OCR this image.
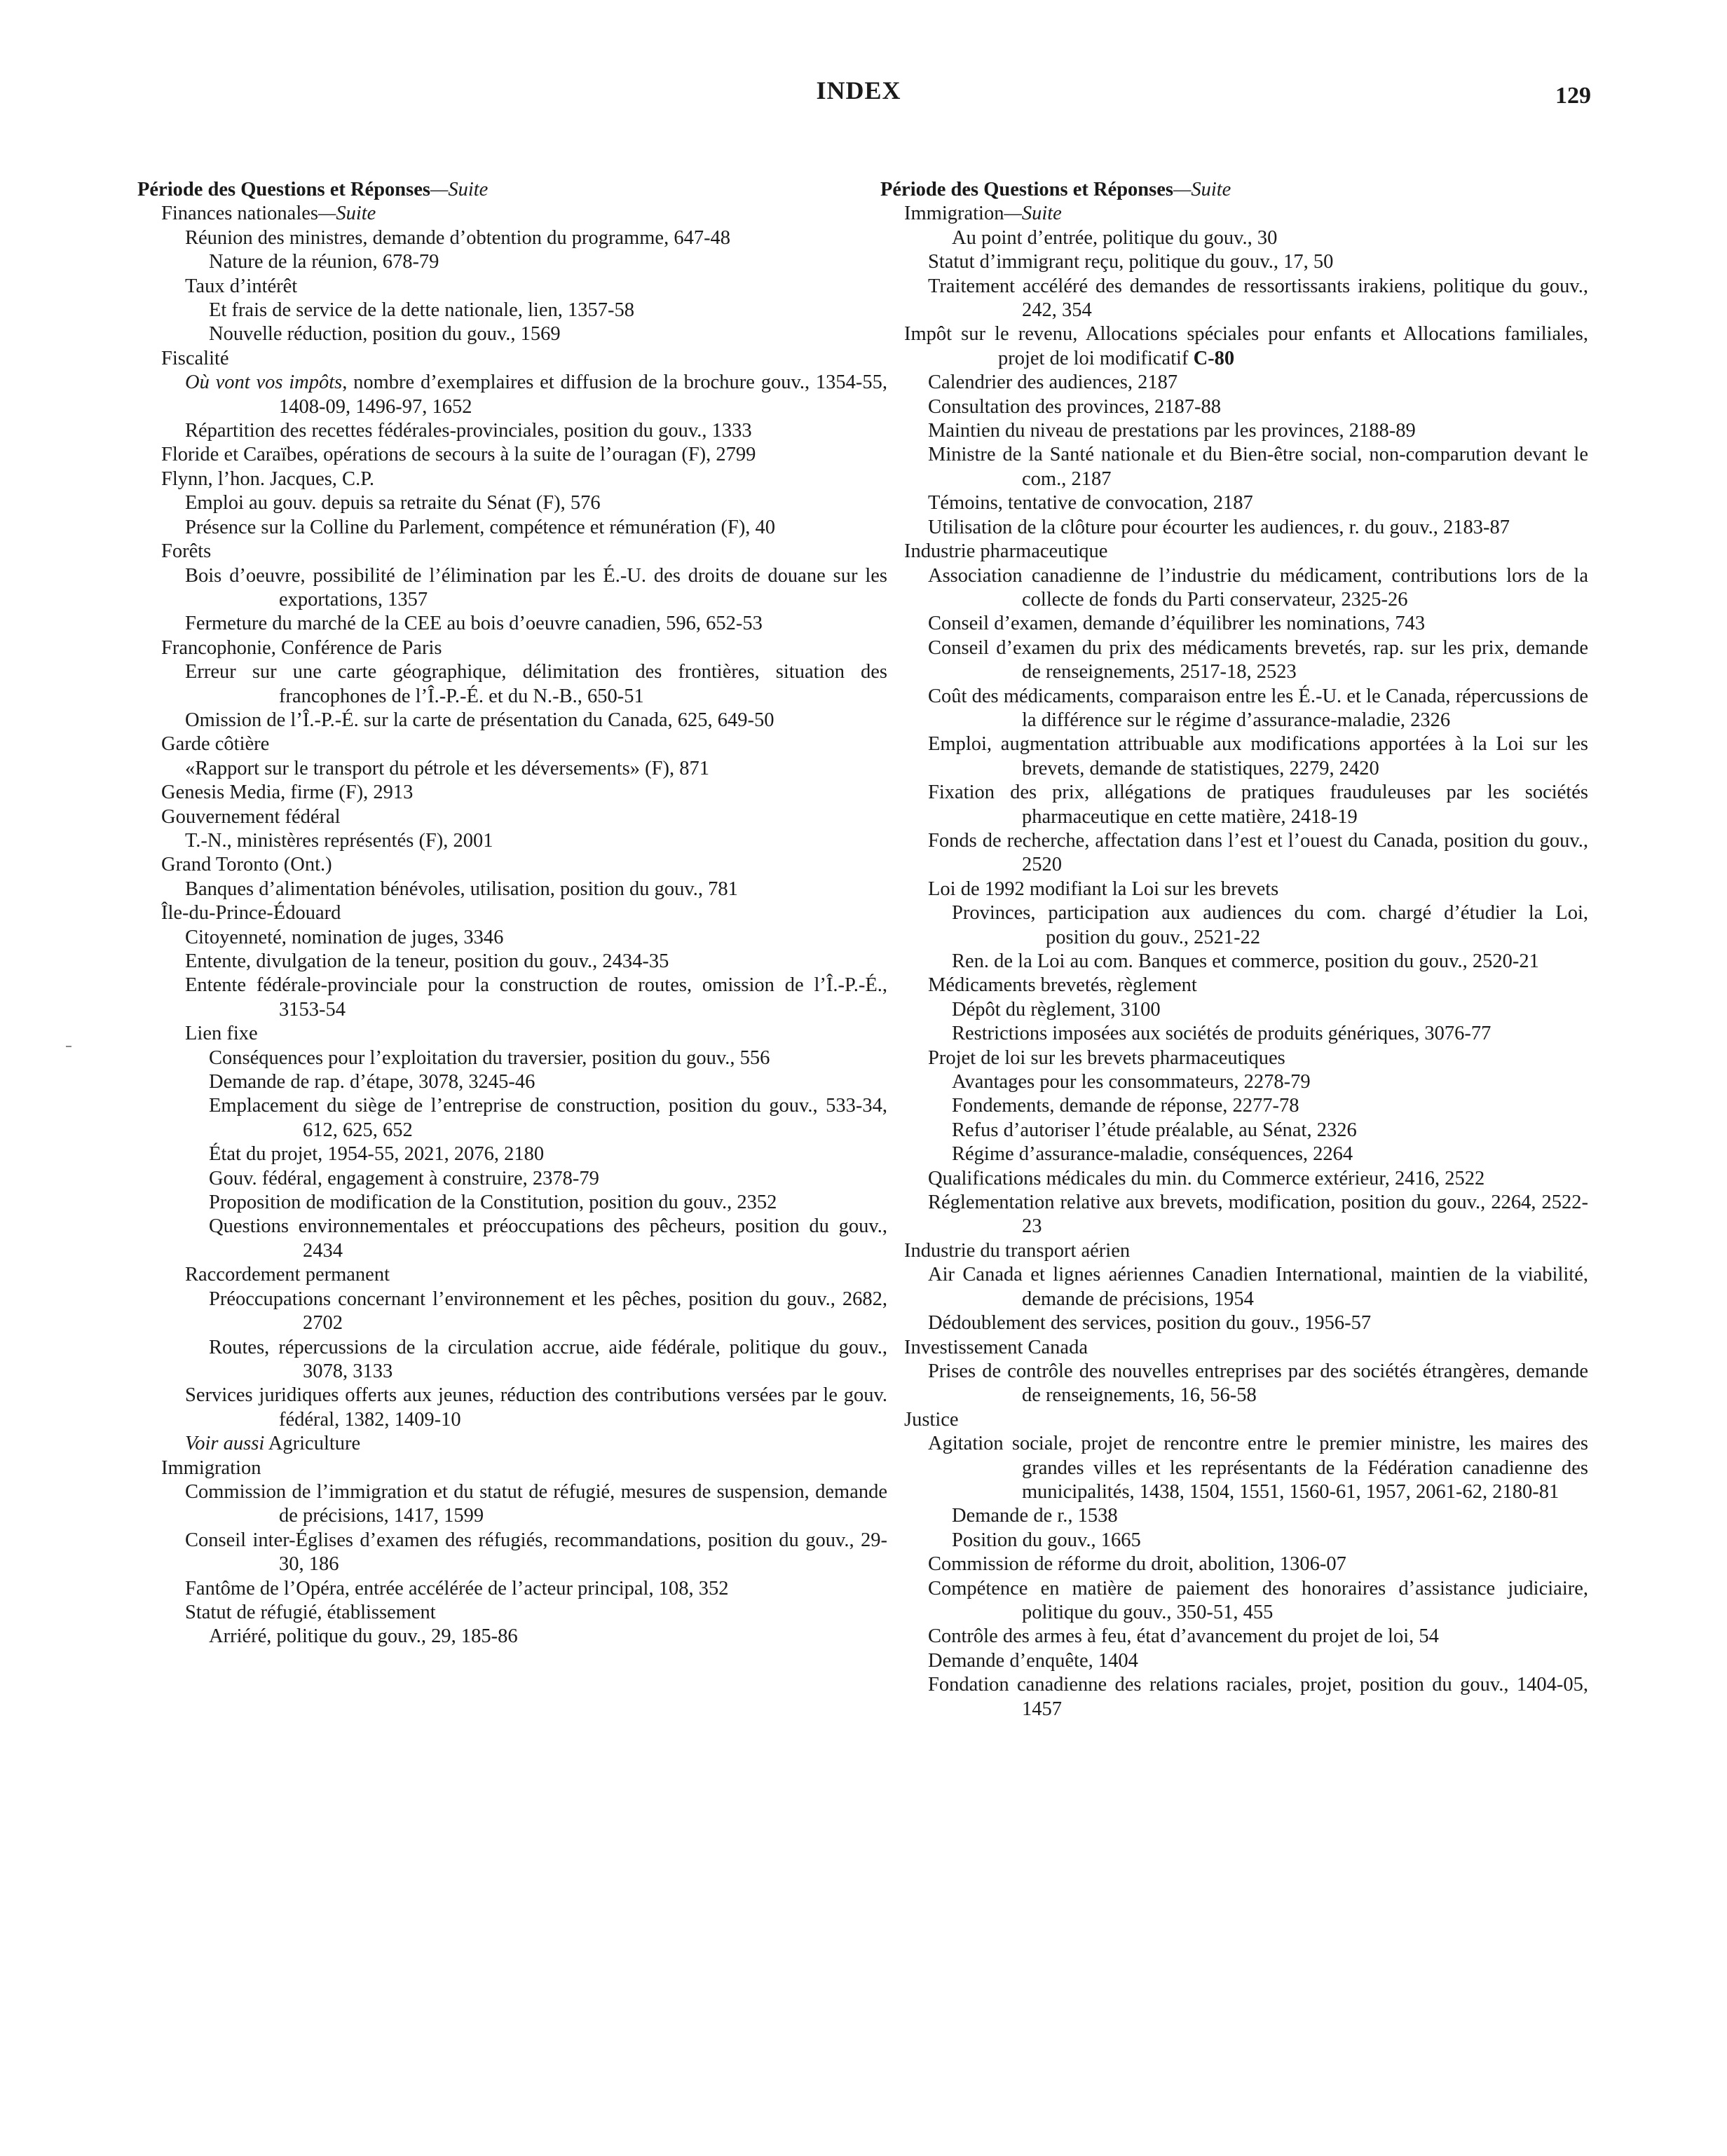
INDEX	129

Période des Questions et Réponses—Suite

Finances nationales—Suite

Réunion des ministres, demande d’obtention du programme, 647-48

Nature de la réunion, 678-79

Taux d’intérêt

Et frais de service de la dette nationale, lien, 1357-58

Nouvelle réduction, position du gouv., 1569

Fiscalité

Où vont vos impôts, nombre d’exemplaires et diffusion de la brochure gouv., 1354-55, 1408-09, 1496-97, 1652

Répartition des recettes fédérales-provinciales, position du gouv., 1333

Floride et Caraïbes, opérations de secours à la suite de l’ouragan (F), 2799

Flynn, l’hon. Jacques, C.P.

Emploi au gouv. depuis sa retraite du Sénat (F), 576

Présence sur la Colline du Parlement, compétence et rémunération (F), 40

Forêts

Bois d’oeuvre, possibilité de l’élimination par les É.-U. des droits de douane sur les exportations, 1357

Fermeture du marché de la CEE au bois d’oeuvre canadien, 596, 652-53

Francophonie, Conférence de Paris

Erreur sur une carte géographique, délimitation des frontières, situation des francophones de l’Î.-P.-É. et du N.-B., 650-51

Omission de l’Î.-P.-É. sur la carte de présentation du Canada, 625, 649-50

Garde côtière

«Rapport sur le transport du pétrole et les déversements» (F), 871

Genesis Media, firme (F), 2913

Gouvernement fédéral

T.-N., ministères représentés (F), 2001

Grand Toronto (Ont.)

Banques d’alimentation bénévoles, utilisation, position du gouv., 781

Île-du-Prince-Édouard

Citoyenneté, nomination de juges, 3346

Entente, divulgation de la teneur, position du gouv., 2434-35

Entente fédérale-provinciale pour la construction de routes, omission de l’Î.-P.-É., 3153-54

Lien fixe

Conséquences pour l’exploitation du traversier, position du gouv., 556

Demande de rap. d’étape, 3078, 3245-46

Emplacement du siège de l’entreprise de construction, position du gouv., 533-34, 612, 625, 652

État du projet, 1954-55, 2021, 2076, 2180

Gouv. fédéral, engagement à construire, 2378-79

Proposition de modification de la Constitution, position du gouv., 2352

Questions environnementales et préoccupations des pêcheurs, position du gouv., 2434

Raccordement permanent

Préoccupations concernant l’environnement et les pêches, position du gouv., 2682, 2702

Routes, répercussions de la circulation accrue, aide fédérale, politique du gouv., 3078, 3133

Services juridiques offerts aux jeunes, réduction des contributions versées par le gouv. fédéral, 1382, 1409-10

Voir aussi Agriculture

Immigration

Commission de l’immigration et du statut de réfugié, mesures de suspension, demande de précisions, 1417, 1599

Conseil inter-Églises d’examen des réfugiés, recommandations, position du gouv., 29-30, 186

Fantôme de l’Opéra, entrée accélérée de l’acteur principal, 108, 352

Statut de réfugié, établissement

Arriéré, politique du gouv., 29, 185-86

Période des Questions et Réponses—Suite

Immigration—Suite

Au point d’entrée, politique du gouv., 30

Statut d’immigrant reçu, politique du gouv., 17, 50

Traitement accéléré des demandes de ressortissants irakiens, politique du gouv., 242, 354

Impôt sur le revenu, Allocations spéciales pour enfants et Allocations familiales, projet de loi modificatif C-80

Calendrier des audiences, 2187

Consultation des provinces, 2187-88

Maintien du niveau de prestations par les provinces, 2188-89

Ministre de la Santé nationale et du Bien-être social, non-comparution devant le com., 2187

Témoins, tentative de convocation, 2187

Utilisation de la clôture pour écourter les audiences, r. du gouv., 2183-87

Industrie pharmaceutique

Association canadienne de l’industrie du médicament, contributions lors de la collecte de fonds du Parti conservateur, 2325-26

Conseil d’examen, demande d’équilibrer les nominations, 743

Conseil d’examen du prix des médicaments brevetés, rap. sur les prix, demande de renseignements, 2517-18, 2523

Coût des médicaments, comparaison entre les É.-U. et le Canada, répercussions de la différence sur le régime d’assurance-maladie, 2326

Emploi, augmentation attribuable aux modifications apportées à la Loi sur les brevets, demande de statistiques, 2279, 2420

Fixation des prix, allégations de pratiques frauduleuses par les sociétés pharmaceutique en cette matière, 2418-19

Fonds de recherche, affectation dans l’est et l’ouest du Canada, position du gouv., 2520

Loi de 1992 modifiant la Loi sur les brevets

Provinces, participation aux audiences du com. chargé d’étudier la Loi, position du gouv., 2521-22

Ren. de la Loi au com. Banques et commerce, position du gouv., 2520-21

Médicaments brevetés, règlement

Dépôt du règlement, 3100

Restrictions imposées aux sociétés de produits génériques, 3076-77

Projet de loi sur les brevets pharmaceutiques

Avantages pour les consommateurs, 2278-79

Fondements, demande de réponse, 2277-78

Refus d’autoriser l’étude préalable, au Sénat, 2326

Régime d’assurance-maladie, conséquences, 2264

Qualifications médicales du min. du Commerce extérieur, 2416, 2522

Réglementation relative aux brevets, modification, position du gouv., 2264, 2522-23

Industrie du transport aérien

Air Canada et lignes aériennes Canadien International, maintien de la viabilité, demande de précisions, 1954

Dédoublement des services, position du gouv., 1956-57

Investissement Canada

Prises de contrôle des nouvelles entreprises par des sociétés étrangères, demande de renseignements, 16, 56-58

Justice

Agitation sociale, projet de rencontre entre le premier ministre, les maires des grandes villes et les représentants de la Fédération canadienne des municipalités, 1438, 1504, 1551, 1560-61, 1957, 2061-62, 2180-81

Demande de r., 1538

Position du gouv., 1665

Commission de réforme du droit, abolition, 1306-07

Compétence en matière de paiement des honoraires d’assistance judiciaire, politique du gouv., 350-51, 455

Contrôle des armes à feu, état d’avancement du projet de loi, 54

Demande d’enquête, 1404

Fondation canadienne des relations raciales, projet, position du gouv., 1404-05, 1457
